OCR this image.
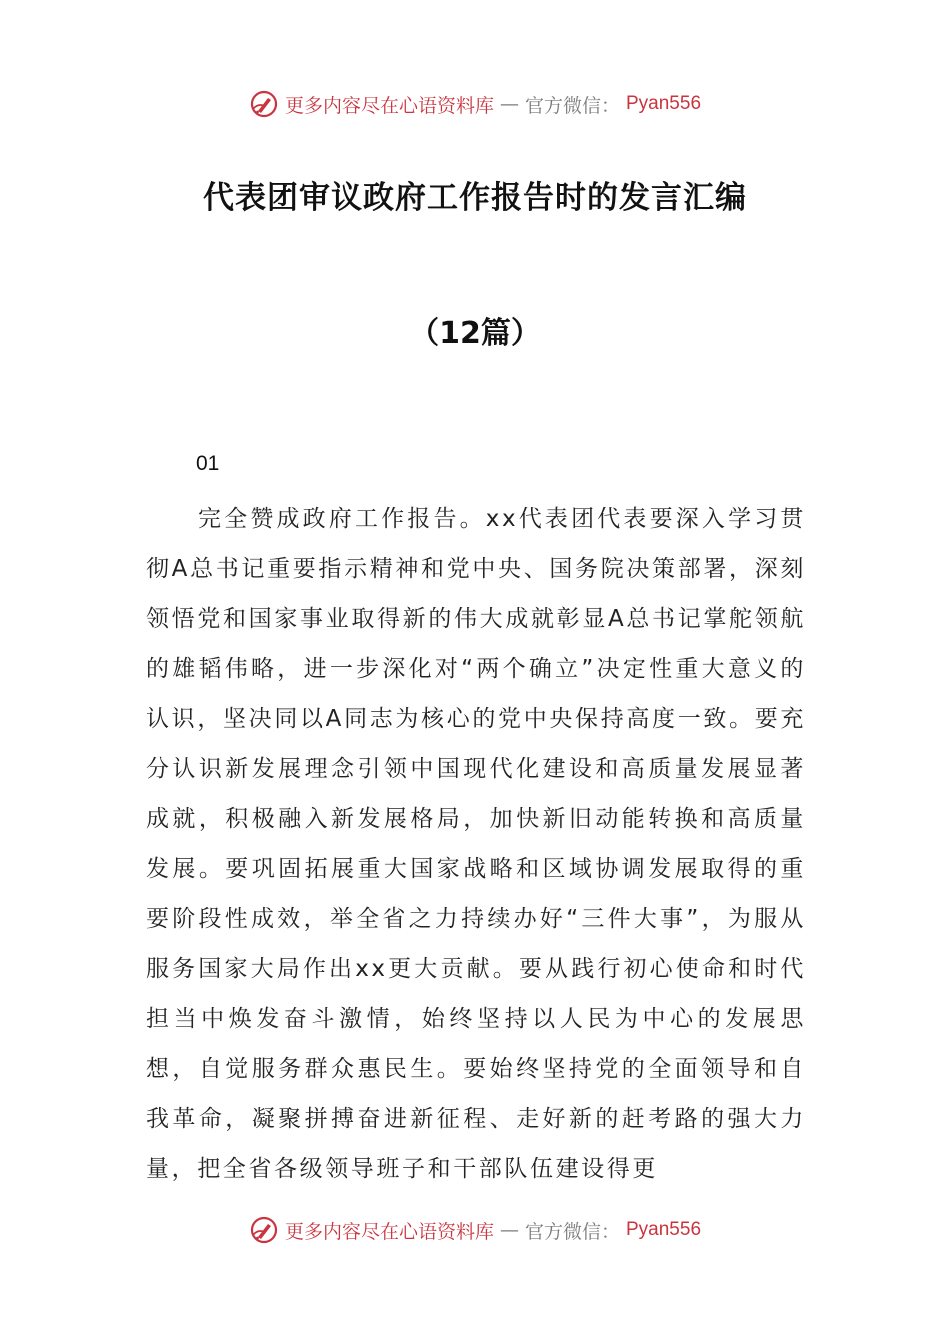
更多内容尽在心语资料库 — 官方微信： Pyan556
代表团审议政府工作报告时的发言汇编
（12篇）
01

完全赞成政府工作报告。xx代表团代表要深入学习贯彻A总书记重要指示精神和党中央、国务院决策部署，深刻领悟党和国家事业取得新的伟大成就彰显A总书记掌舵领航的雄韬伟略，进一步深化对“两个确立”决定性重大意义的认识，坚决同以A同志为核心的党中央保持高度一致。要充分认识新发展理念引领中国现代化建设和高质量发展显著成就，积极融入新发展格局，加快新旧动能转换和高质量发展。要巩固拓展重大国家战略和区域协调发展取得的重要阶段性成效，举全省之力持续办好“三件大事”，为服从服务国家大局作出xx更大贡献。要从践行初心使命和时代担当中焕发奋斗激情，始终坚持以人民为中心的发展思想，自觉服务群众惠民生。要始终坚持党的全面领导和自我革命，凝聚拼搏奋进新征程、走好新的赶考路的强大力量，把全省各级领导班子和干部队伍建设得更

更多内容尽在心语资料库 — 官方微信： Pyan556
